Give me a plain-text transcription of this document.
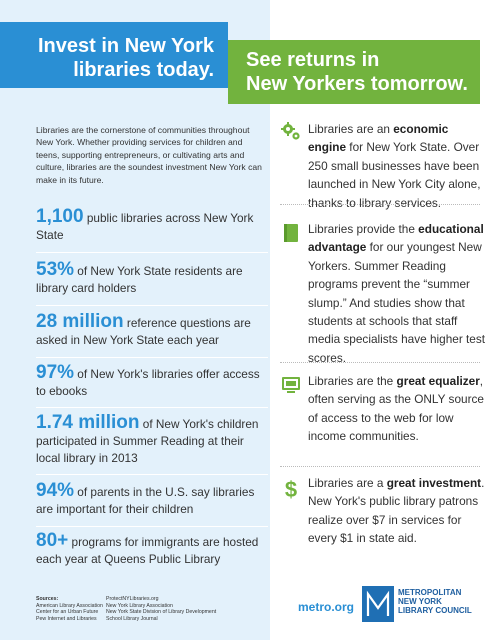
Invest in New York
libraries today. See returns in
New Yorkers tomorrow.

Libraries are the cornerstone of communities throughout New York. Whether providing services for children and teens, supporting entrepreneurs, or cultivating arts and culture, libraries are the soundest investment New York can make in its future.

1,100 public libraries across New York State
53% of New York State residents are library card holders
28 million reference questions are asked in New York State each year
97% of New York's libraries offer access to ebooks
1.74 million of New York's children participated in Summer Reading at their local library in 2013
94% of parents in the U.S. say libraries are important for their children
80+ programs for immigrants are hosted each year at Queens Public Library
Sources:
American Library Association
Center for an Urban Future
Pew Internet and Libraries
ProtectNYLibraries.org
New York Library Association
New York State Division of Library Development
School Library Journal
Libraries are an economic engine for New York State. Over 250 small businesses have been launched in New York City alone, thanks to library services.
Libraries provide the educational advantage for our youngest New Yorkers. Summer Reading programs prevent the “summer slump.” And studies show that students at schools that staff media specialists have higher test scores.
Libraries are the great equalizer, often serving as the ONLY source of access to the web for low income communities.
$ Libraries are a great investment. New York's public library patrons realize over $7 in services for every $1 in state aid.
metro.org
METROPOLITAN
NEW YORK
LIBRARY COUNCIL
